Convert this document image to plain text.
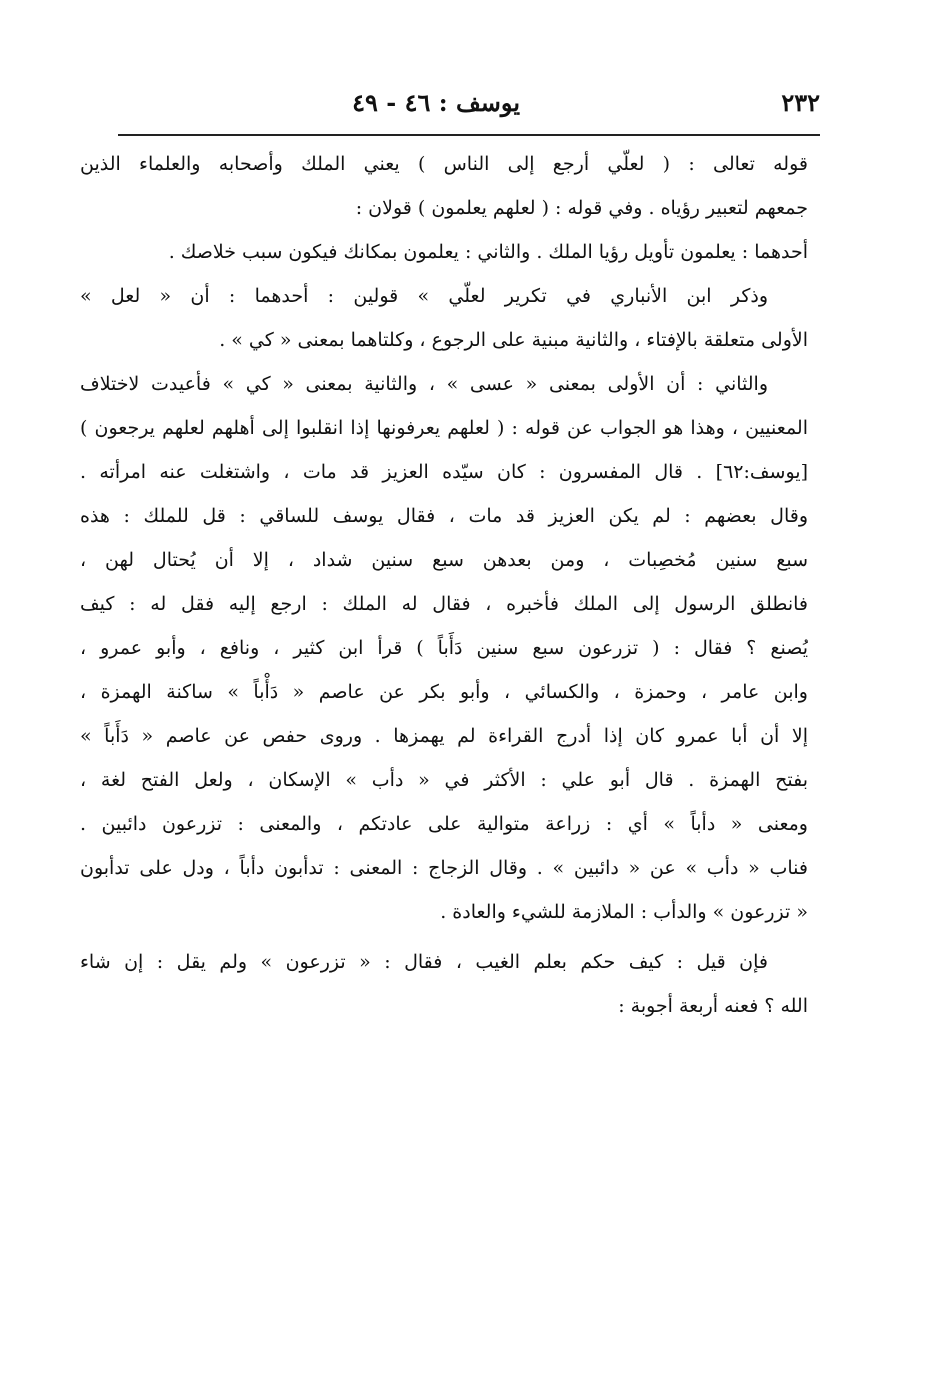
٢٣٢
يوسف : ٤٦ - ٤٩
قوله تعالى : ( لعلّي أرجع إلى الناس ) يعني الملك وأصحابه والعلماء الذين
جمعهم لتعبير رؤياه . وفي قوله : ( لعلهم يعلمون ) قولان :
أحدهما : يعلمون تأويل رؤيا الملك . والثاني : يعلمون بمكانك فيكون سبب خلاصك .
وذكر ابن الأنباري في تكرير لعلّي » قولين : أحدهما : أن « لعل »
الأولى متعلقة بالإفتاء ، والثانية مبنية على الرجوع ، وكلتاهما بمعنى « كي » .
والثاني : أن الأولى بمعنى « عسى » ، والثانية بمعنى « كي » فأعيدت لاختلاف
المعنيين ، وهذا هو الجواب عن قوله : ( لعلهم يعرفونها إذا انقلبوا إلى أهلهم لعلهم يرجعون )
[يوسف:٦٢] . قال المفسرون : كان سيّده العزيز قد مات ، واشتغلت عنه امرأته .
وقال بعضهم : لم يكن العزيز قد مات ، فقال يوسف للساقي : قل للملك : هذه
سبع سنين مُخصِبات ، ومن بعدهن سبع سنين شداد ، إلا أن يُحتال لهن ،
فانطلق الرسول إلى الملك فأخبره ، فقال له الملك : ارجع إليه فقل له : كيف
يُصنع ؟ فقال : ( تزرعون سبع سنين دَأَباً ) قرأ ابن كثير ، ونافع ، وأبو عمرو ،
وابن عامر ، وحمزة ، والكسائي ، وأبو بكر عن عاصم « دَأْباً » ساكنة الهمزة ،
إلا أن أبا عمرو كان إذا أدرج القراءة لم يهمزها . وروى حفص عن عاصم « دَأَباً »
بفتح الهمزة . قال أبو علي : الأكثر في « دأب » الإسكان ، ولعل الفتح لغة ،
ومعنى « دأباً » أي : زراعة متوالية على عادتكم ، والمعنى : تزرعون دائبين .
فناب « دأب » عن « دائبين » . وقال الزجاج : المعنى : تدأبون دأباً ، ودل على تدأبون
« تزرعون » والدأب : الملازمة للشيء والعادة .
فإن قيل : كيف حكم بعلم الغيب ، فقال : « تزرعون » ولم يقل : إن شاء
الله ؟ فعنه أربعة أجوبة :
